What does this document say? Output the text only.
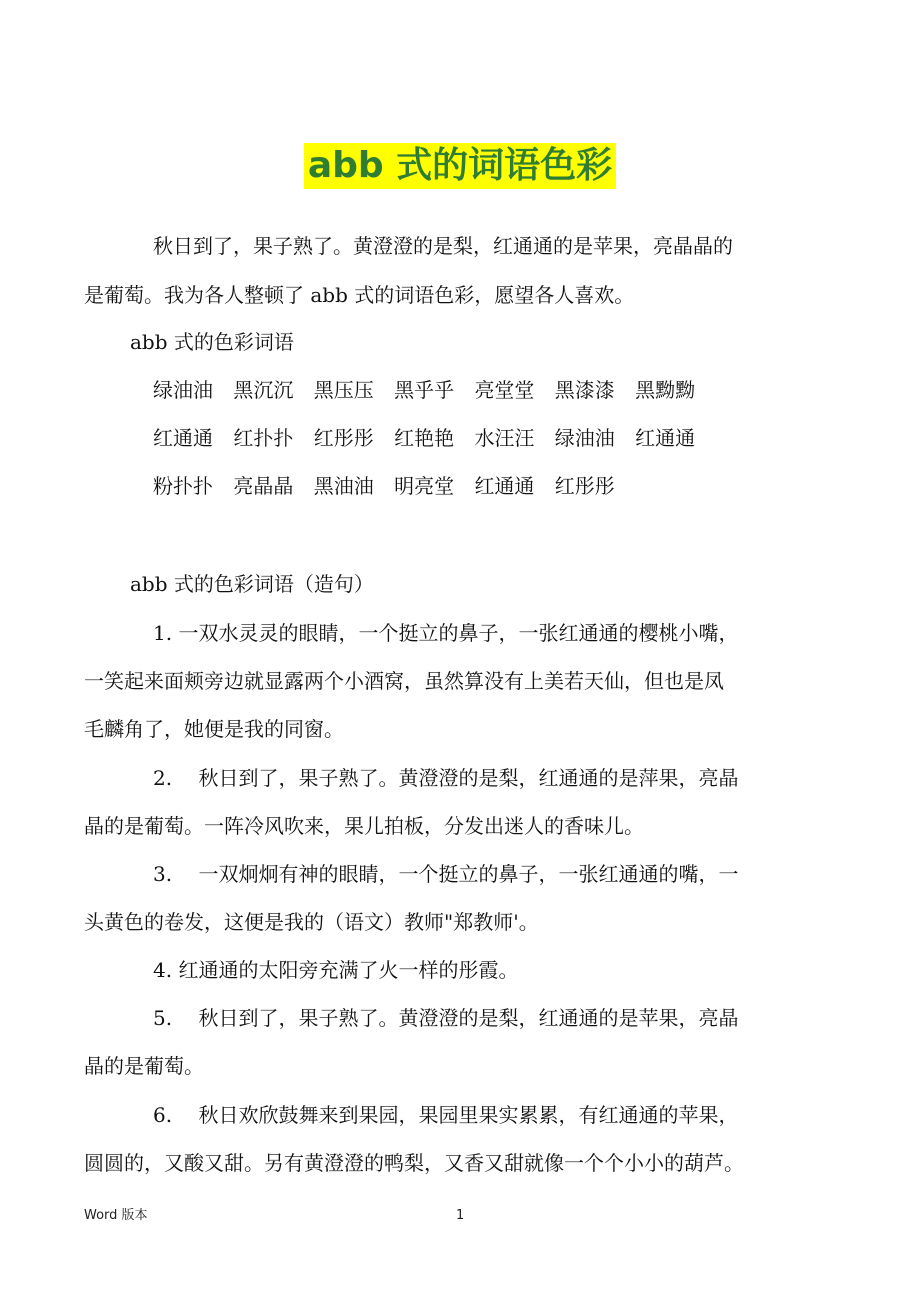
abb 式的词语色彩
秋日到了，果子熟了。黄澄澄的是梨，红通通的是苹果，亮晶晶的
是葡萄。我为各人整顿了 abb 式的词语色彩，愿望各人喜欢。
abb 式的色彩词语
绿油油 黑沉沉 黑压压 黑乎乎 亮堂堂 黑漆漆 黑黝黝
红通通 红扑扑 红彤彤 红艳艳 水汪汪 绿油油 红通通
粉扑扑 亮晶晶 黑油油 明亮堂 红通通 红彤彤
abb 式的色彩词语（造句）
1. 一双水灵灵的眼睛，一个挺立的鼻子，一张红通通的樱桃小嘴，
一笑起来面颊旁边就显露两个小酒窝，虽然算没有上美若天仙，但也是凤
毛麟角了，她便是我的同窗。
2.　 秋日到了，果子熟了。黄澄澄的是梨，红通通的是萍果，亮晶
晶的是葡萄。一阵冷风吹来，果儿拍板，分发出迷人的香味儿。
3.　 一双炯炯有神的眼睛，一个挺立的鼻子，一张红通通的嘴，一
头黄色的卷发，这便是我的（语文）教师"郑教师'。
4. 红通通的太阳旁充满了火一样的彤霞。
5.　 秋日到了，果子熟了。黄澄澄的是梨，红通通的是苹果，亮晶
晶的是葡萄。
6.　 秋日欢欣鼓舞来到果园，果园里果实累累，有红通通的苹果，
圆圆的，又酸又甜。另有黄澄澄的鸭梨，又香又甜就像一个个小小的葫芦。
Word 版本	1
